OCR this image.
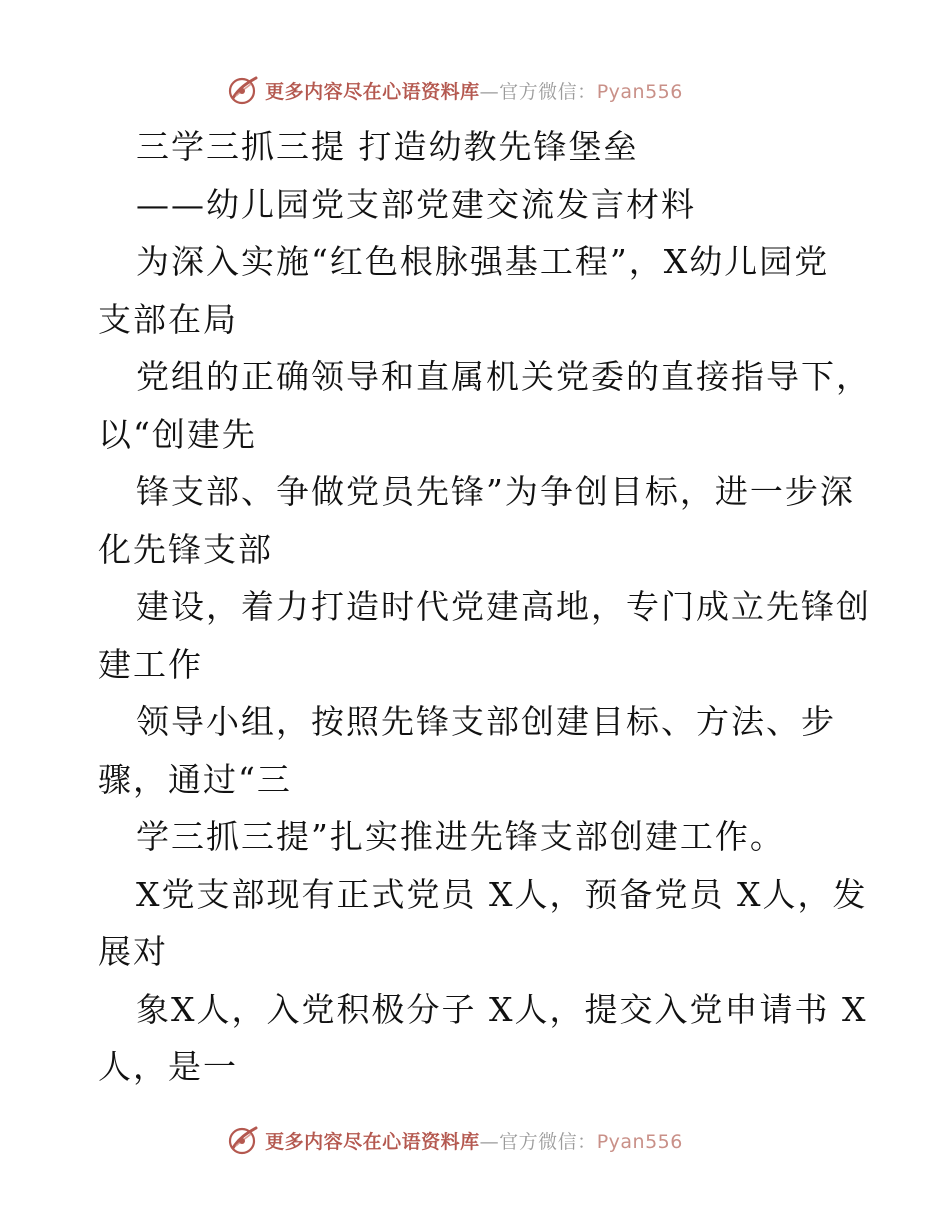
更多内容尽在心语资料库—官方微信：Pyan556
三学三抓三提 打造幼教先锋堡垒
——幼儿园党支部党建交流发言材料
为深入实施“红色根脉强基工程”，X幼儿园党
支部在局
党组的正确领导和直属机关党委的直接指导下，
以“创建先
锋支部、争做党员先锋”为争创目标，进一步深
化先锋支部
建设，着力打造时代党建高地，专门成立先锋创
建工作
领导小组，按照先锋支部创建目标、方法、步
骤，通过“三
学三抓三提”扎实推进先锋支部创建工作。
X党支部现有正式党员 X人，预备党员 X人，发
展对
象X人，入党积极分子 X人，提交入党申请书 X
人，是一
更多内容尽在心语资料库—官方微信：Pyan556
